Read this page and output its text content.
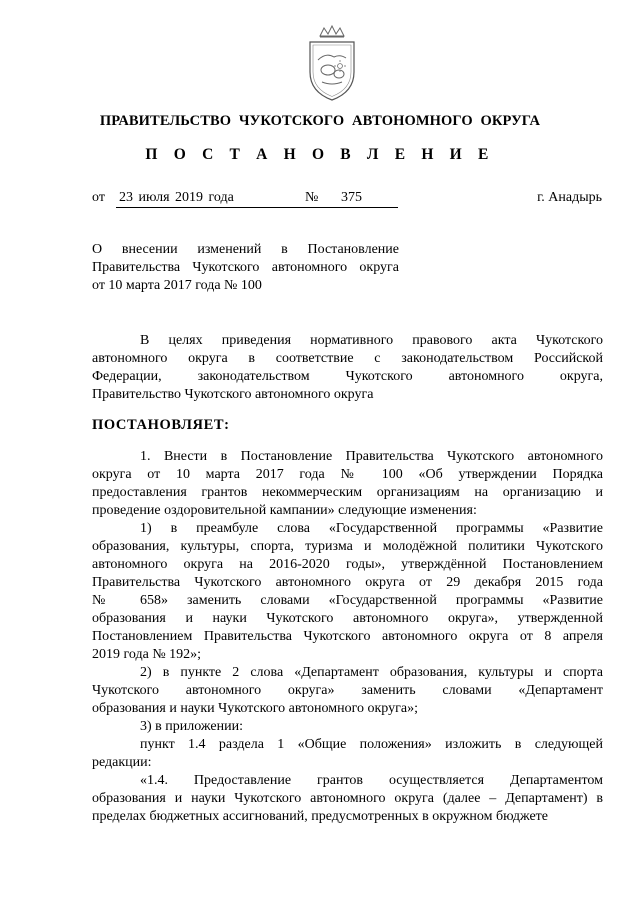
ПРАВИТЕЛЬСТВО ЧУКОТСКОГО АВТОНОМНОГО ОКРУГА
П О С Т А Н О В Л Е Н И Е
от 23 июля 2019 года	№ 375	г. Анадырь
О внесении изменений в Постановление
Правительства Чукотского автономного округа
от 10 марта 2017 года № 100
В целях приведения нормативного правового акта Чукотского
автономного округа в соответствие с законодательством Российской
Федерации, законодательством Чукотского автономного округа,
Правительство Чукотского автономного округа
ПОСТАНОВЛЯЕТ:
1. Внести в Постановление Правительства Чукотского автономного
округа от 10 марта 2017 года № 100 «Об утверждении Порядка
предоставления грантов некоммерческим организациям на организацию и
проведение оздоровительной кампании» следующие изменения:
1) в преамбуле слова «Государственной программы «Развитие
образования, культуры, спорта, туризма и молодёжной политики Чукотского
автономного округа на 2016-2020 годы», утверждённой Постановлением
Правительства Чукотского автономного округа от 29 декабря 2015 года
№ 658» заменить словами «Государственной программы «Развитие
образования и науки Чукотского автономного округа», утвержденной
Постановлением Правительства Чукотского автономного округа от 8 апреля
2019 года № 192»;
2) в пункте 2 слова «Департамент образования, культуры и спорта
Чукотского автономного округа» заменить словами «Департамент
образования и науки Чукотского автономного округа»;
3) в приложении:
пункт 1.4 раздела 1 «Общие положения» изложить в следующей
редакции:
«1.4. Предоставление грантов осуществляется Департаментом
образования и науки Чукотского автономного округа (далее – Департамент) в
пределах бюджетных ассигнований, предусмотренных в окружном бюджете
